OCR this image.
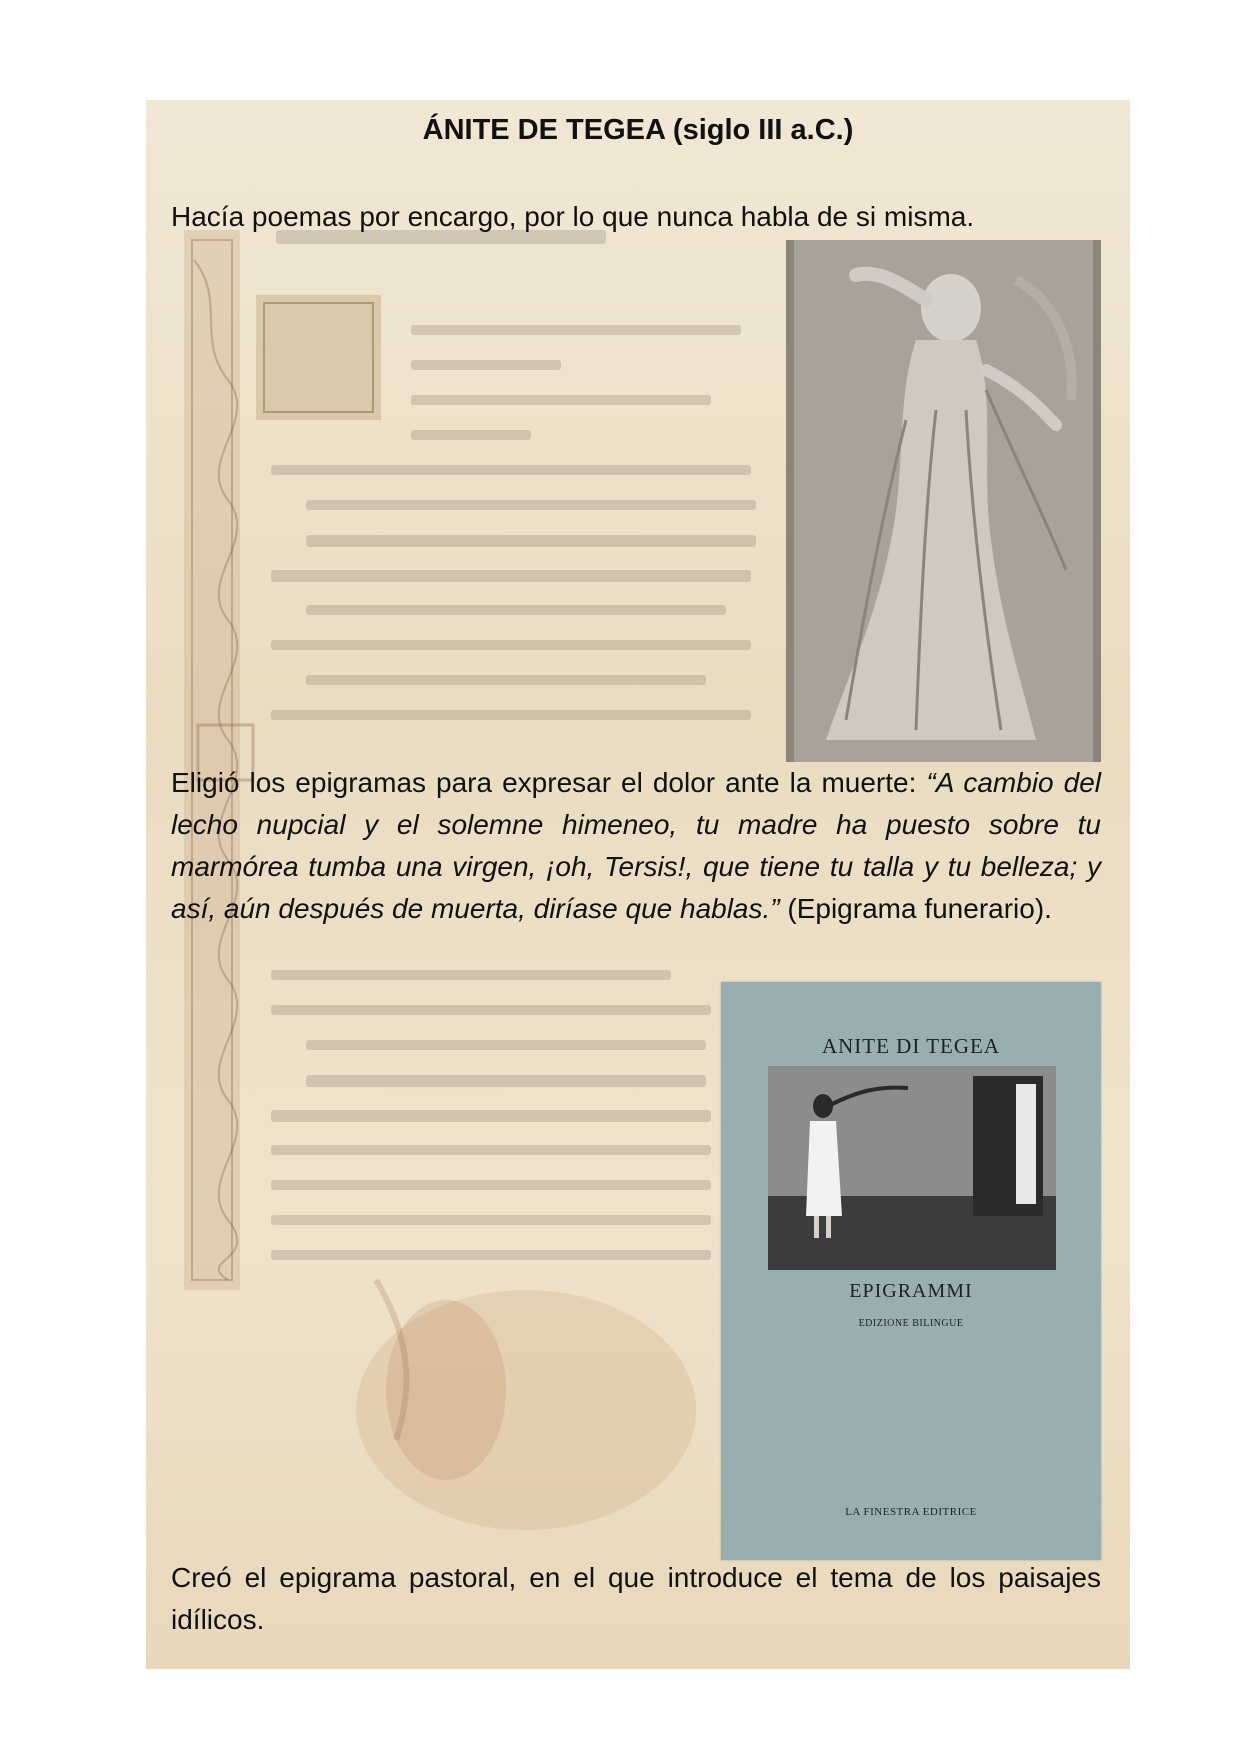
ÁNITE DE TEGEA (siglo III a.C.)

Hacía poemas por encargo, por lo que nunca habla de si misma.

Eligió los epigramas para expresar el dolor ante la muerte: “A cambio del lecho nupcial y el solemne himeneo, tu madre ha puesto sobre tu marmórea tumba una virgen, ¡oh, Tersis!, que tiene tu talla y tu belleza; y así, aún después de muerta, diríase que hablas.” (Epigrama funerario).

ANITE DI TEGEA
EPIGRAMMI
EDIZIONE BILINGUE
LA FINESTRA EDITRICE

Creó el epigrama pastoral, en el que introduce el tema de los paisajes idílicos.
